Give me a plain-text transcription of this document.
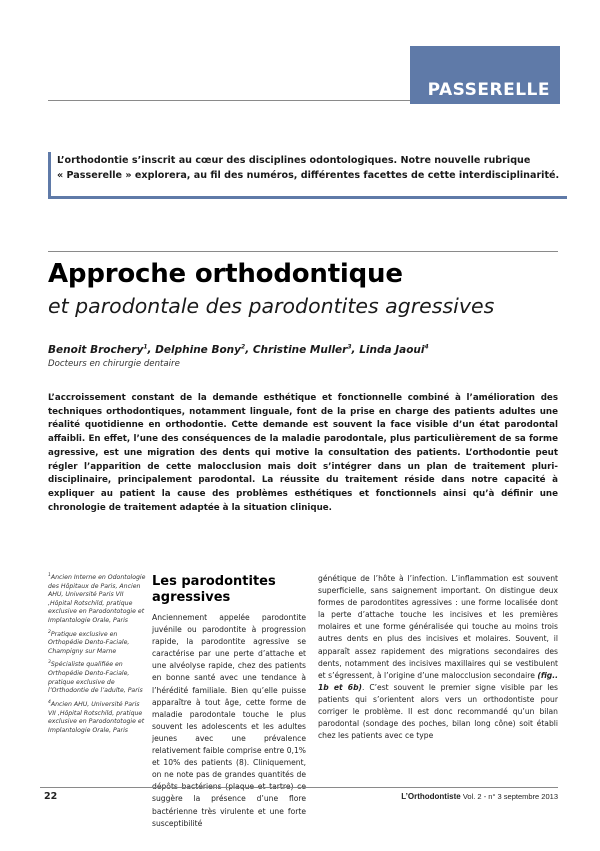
PASSERELLE
L’orthodontie s’inscrit au cœur des disciplines odontologiques. Notre nouvelle rubrique
« Passerelle » explorera, au fil des numéros, différentes facettes de cette interdisciplinarité.
Approche orthodontique
et parodontale des parodontites agressives
Benoit Brochery$^1$, Delphine Bony$^2$, Christine Muller$^3$, Linda Jaoui$^4$
Docteurs en chirurgie dentaire
L’accroissement constant de la demande esthétique et fonctionnelle combiné à l’amélioration des techniques orthodontiques, notamment linguale, font de la prise en charge des patients adultes une réalité quotidienne en orthodontie. Cette demande est souvent la face visible d’un état parodontal affaibli. En effet, l’une des conséquences de la maladie parodontale, plus particulièrement de sa forme agressive, est une migration des dents qui motive la consultation des patients. L’orthodontie peut régler l’apparition de cette malocclusion mais doit s’intégrer dans un plan de traitement pluri-disciplinaire, principalement parodontal. La réussite du traitement réside dans notre capacité à expliquer au patient la cause des problèmes esthétiques et fonctionnels ainsi qu’à définir une chronologie de traitement adaptée à la situation clinique.
$^1$Ancien Interne en Odontologie des Hôpitaux de Paris, Ancien AHU, Université Paris VII ,Hôpital Rotschild, pratique exclusive en Parodontotogie et Implantologie Orale, Paris
$^2$Pratique exclusive en Orthopédie Dento-Faciale, Champigny sur Marne
$^3$Spécialiste qualifiée en Orthopédie Dento-Faciale, pratique exclusive de l’Orthodontie de l’adulte, Paris
$^4$Ancien AHU, Université Paris VII ,Hôpital Rotschild, pratique exclusive en Parodontotogie et Implantologie Orale, Paris
Les parodontites agressives

Anciennement appelée parodontite juvénile ou parodontite à progression rapide, la parodontite agressive se caractérise par une perte d’attache et une alvéolyse rapide, chez des patients en bonne santé avec une tendance à l’hérédité familiale. Bien qu’elle puisse apparaître à tout âge, cette forme de maladie parodontale touche le plus souvent les adolescents et les adultes jeunes avec une prévalence relativement faible comprise entre 0,1% et 10% des patients (8). Cliniquement, on ne note pas de grandes quantités de suggère la présence d’une flore bactérienne très virulente et une forte susceptibilité

génétique de l’hôte à l’infection. L’inflammation est souvent superficielle, sans saignement important. On distingue deux formes de parodontites agressives : une forme localisée dont la perte d’attache touche les incisives et les premières molaires et une forme généralisée qui touche au moins trois autres dents en plus des incisives et molaires. Souvent, il apparaît assez rapidement des migrations secondaires des dents, notamment des incisives maxillaires qui se vestibulent et s’égressent, à l’origine d’une malocclusion secondaire (fig.. 1b et 6b). C’est souvent le premier signe visible par les patients qui s’orientent alors vers un orthodontiste pour corriger le problème. Il est donc recommandé qu’un bilan parodontal (sondage des poches, bilan long cône) soit établi chez les patients avec ce type

22	L’Orthodontiste Vol. 2 - n° 3 septembre 2013
